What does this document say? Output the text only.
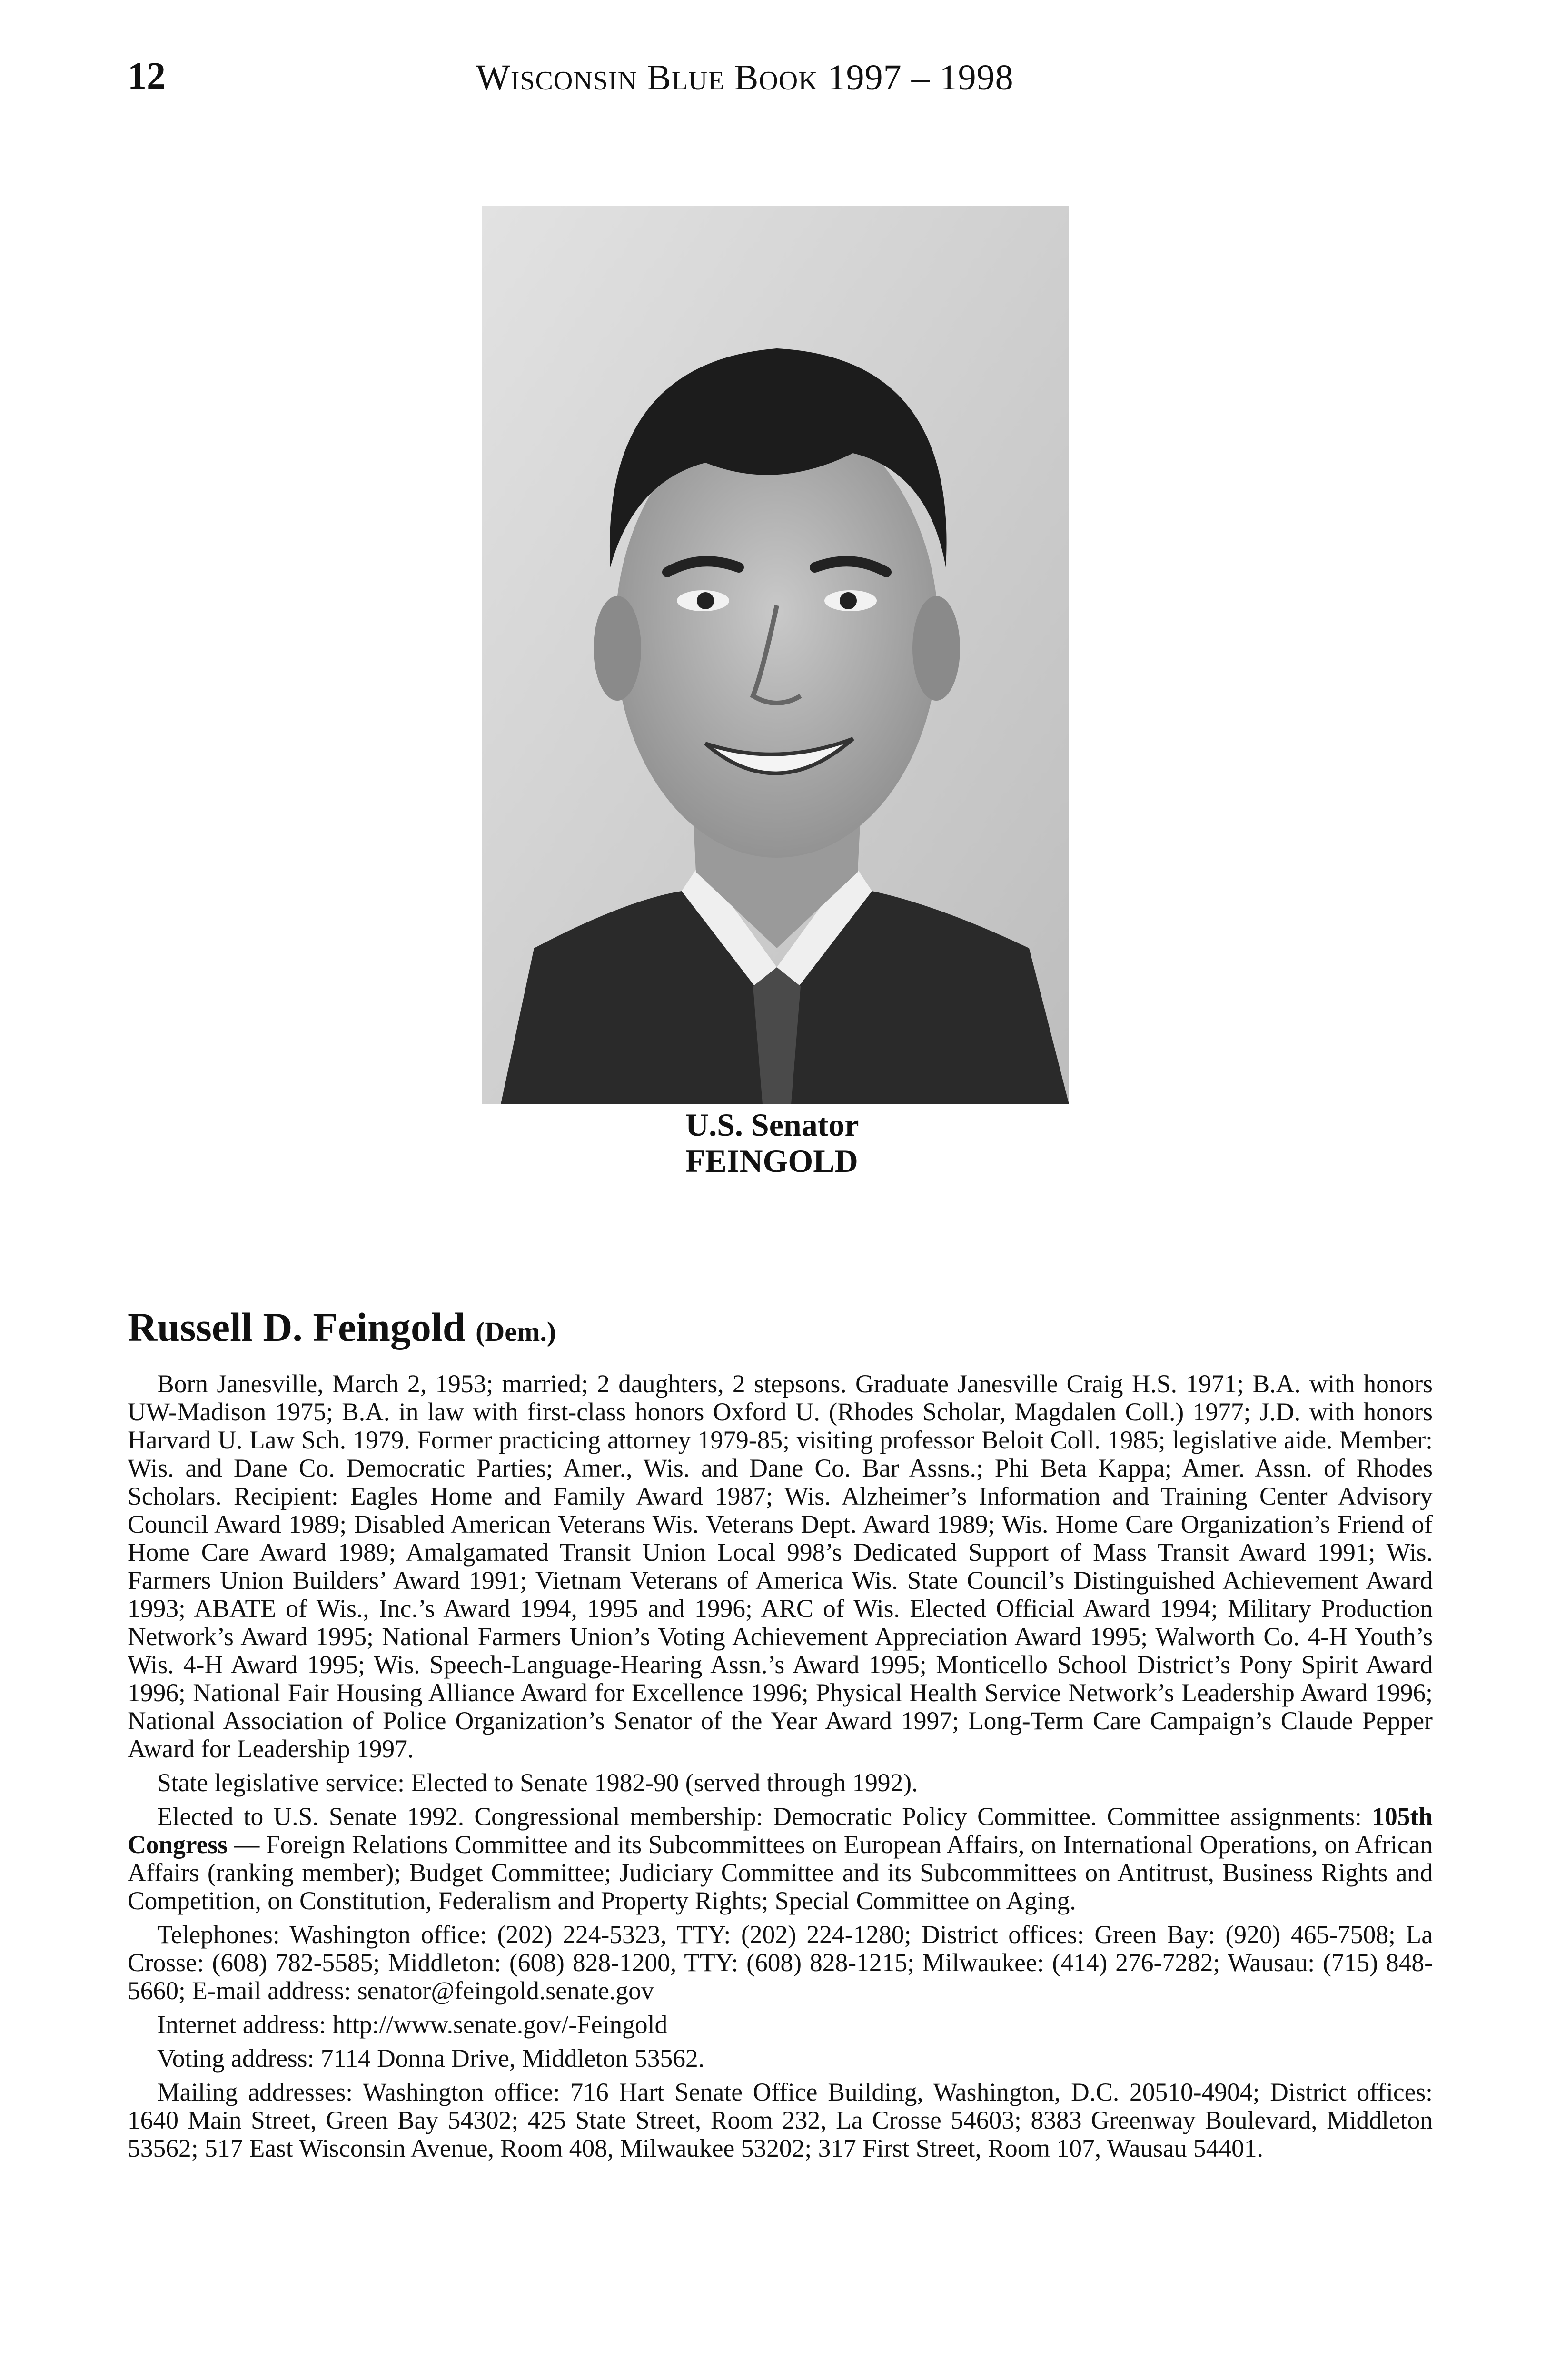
12	WISCONSIN BLUE BOOK 1997 – 1998
U.S. Senator
FEINGOLD
Russell D. Feingold (Dem.)

Born Janesville, March 2, 1953; married; 2 daughters, 2 stepsons. Graduate Janesville Craig H.S. 1971; B.A. with honors UW-Madison 1975; B.A. in law with first-class honors Oxford U. (Rhodes Scholar, Magdalen Coll.) 1977; J.D. with honors Harvard U. Law Sch. 1979. Former practicing attorney 1979-85; visiting professor Beloit Coll. 1985; legislative aide. Member: Wis. and Dane Co. Democratic Parties; Amer., Wis. and Dane Co. Bar Assns.; Phi Beta Kappa; Amer. Assn. of Rhodes Scholars. Recipient: Eagles Home and Family Award 1987; Wis. Alzheimer’s Information and Training Center Advisory Council Award 1989; Disabled American Veterans Wis. Veterans Dept. Award 1989; Wis. Home Care Organization’s Friend of Home Care Award 1989; Amalgamated Transit Union Local 998’s Dedicated Support of Mass Transit Award 1991; Wis. Farmers Union Builders’ Award 1991; Vietnam Veterans of America Wis. State Council’s Distinguished Achievement Award 1993; ABATE of Wis., Inc.’s Award 1994, 1995 and 1996; ARC of Wis. Elected Official Award 1994; Military Production Network’s Award 1995; National Farmers Union’s Voting Achievement Appreciation Award 1995; Walworth Co. 4-H Youth’s Wis. 4-H Award 1995; Wis. Speech-Language-Hearing Assn.’s Award 1995; Monticello School District’s Pony Spirit Award 1996; National Fair Housing Alliance Award for Excellence 1996; Physical Health Service Network’s Leadership Award 1996; National Association of Police Organization’s Senator of the Year Award 1997; Long-Term Care Campaign’s Claude Pepper Award for Leadership 1997.

State legislative service: Elected to Senate 1982-90 (served through 1992).

Elected to U.S. Senate 1992. Congressional membership: Democratic Policy Committee. Committee assignments: 105th Congress — Foreign Relations Committee and its Subcommittees on European Affairs, on International Operations, on African Affairs (ranking member); Budget Committee; Judiciary Committee and its Subcommittees on Antitrust, Business Rights and Competition, on Constitution, Federalism and Property Rights; Special Committee on Aging.

Telephones: Washington office: (202) 224-5323, TTY: (202) 224-1280; District offices: Green Bay: (920) 465-7508; La Crosse: (608) 782-5585; Middleton: (608) 828-1200, TTY: (608) 828-1215; Milwaukee: (414) 276-7282; Wausau: (715) 848-5660; E-mail address: senator@feingold.senate.gov

Internet address: http://www.senate.gov/-Feingold

Voting address: 7114 Donna Drive, Middleton 53562.

Mailing addresses: Washington office: 716 Hart Senate Office Building, Washington, D.C. 20510-4904; District offices: 1640 Main Street, Green Bay 54302; 425 State Street, Room 232, La Crosse 54603; 8383 Greenway Boulevard, Middleton 53562; 517 East Wisconsin Avenue, Room 408, Milwaukee 53202; 317 First Street, Room 107, Wausau 54401.
